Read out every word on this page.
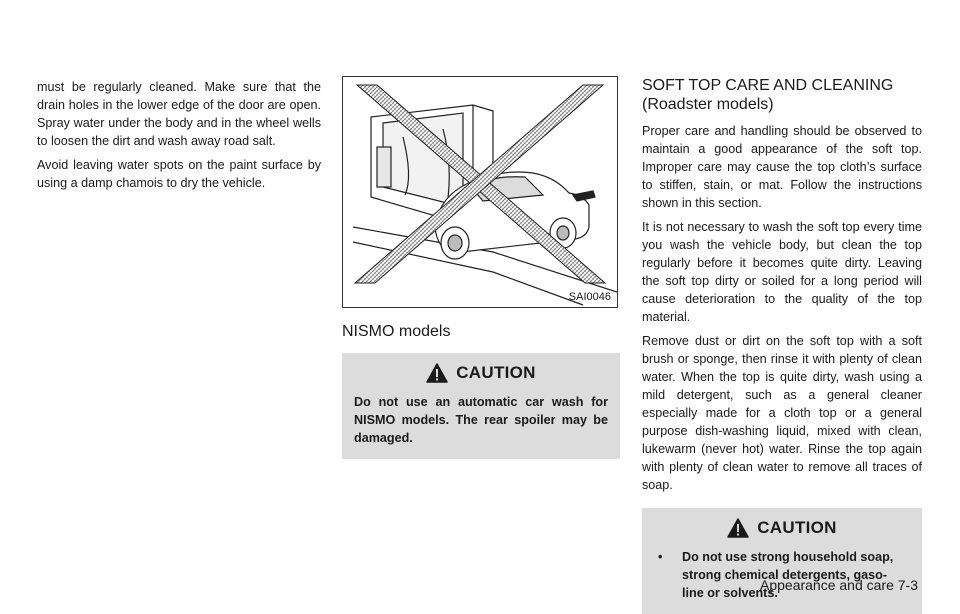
must be regularly cleaned. Make sure that the drain holes in the lower edge of the door are open. Spray water under the body and in the wheel wells to loosen the dirt and wash away road salt.

Avoid leaving water spots on the paint surface by using a damp chamois to dry the vehicle.

SAI0046
NISMO models
CAUTION

Do not use an automatic car wash for NISMO models. The rear spoiler may be damaged.

SOFT TOP CARE AND CLEANING (Roadster models)

Proper care and handling should be observed to maintain a good appearance of the soft top. Improper care may cause the top cloth’s surface to stiffen, stain, or mat. Follow the instructions shown in this section.

It is not necessary to wash the soft top every time you wash the vehicle body, but clean the top regularly before it becomes quite dirty. Leaving the soft top dirty or soiled for a long period will cause deterioration to the quality of the top material.

Remove dust or dirt on the soft top with a soft brush or sponge, then rinse it with plenty of clean water. When the top is quite dirty, wash using a mild detergent, such as a general cleaner especially made for a cloth top or a general purpose dish-washing liquid, mixed with clean, lukewarm (never hot) water. Rinse the top again with plenty of clean water to remove all traces of soap.

CAUTION
•	Do not use strong household soap, strong chemical detergents, gaso- line or solvents.
Appearance and care 7-3
